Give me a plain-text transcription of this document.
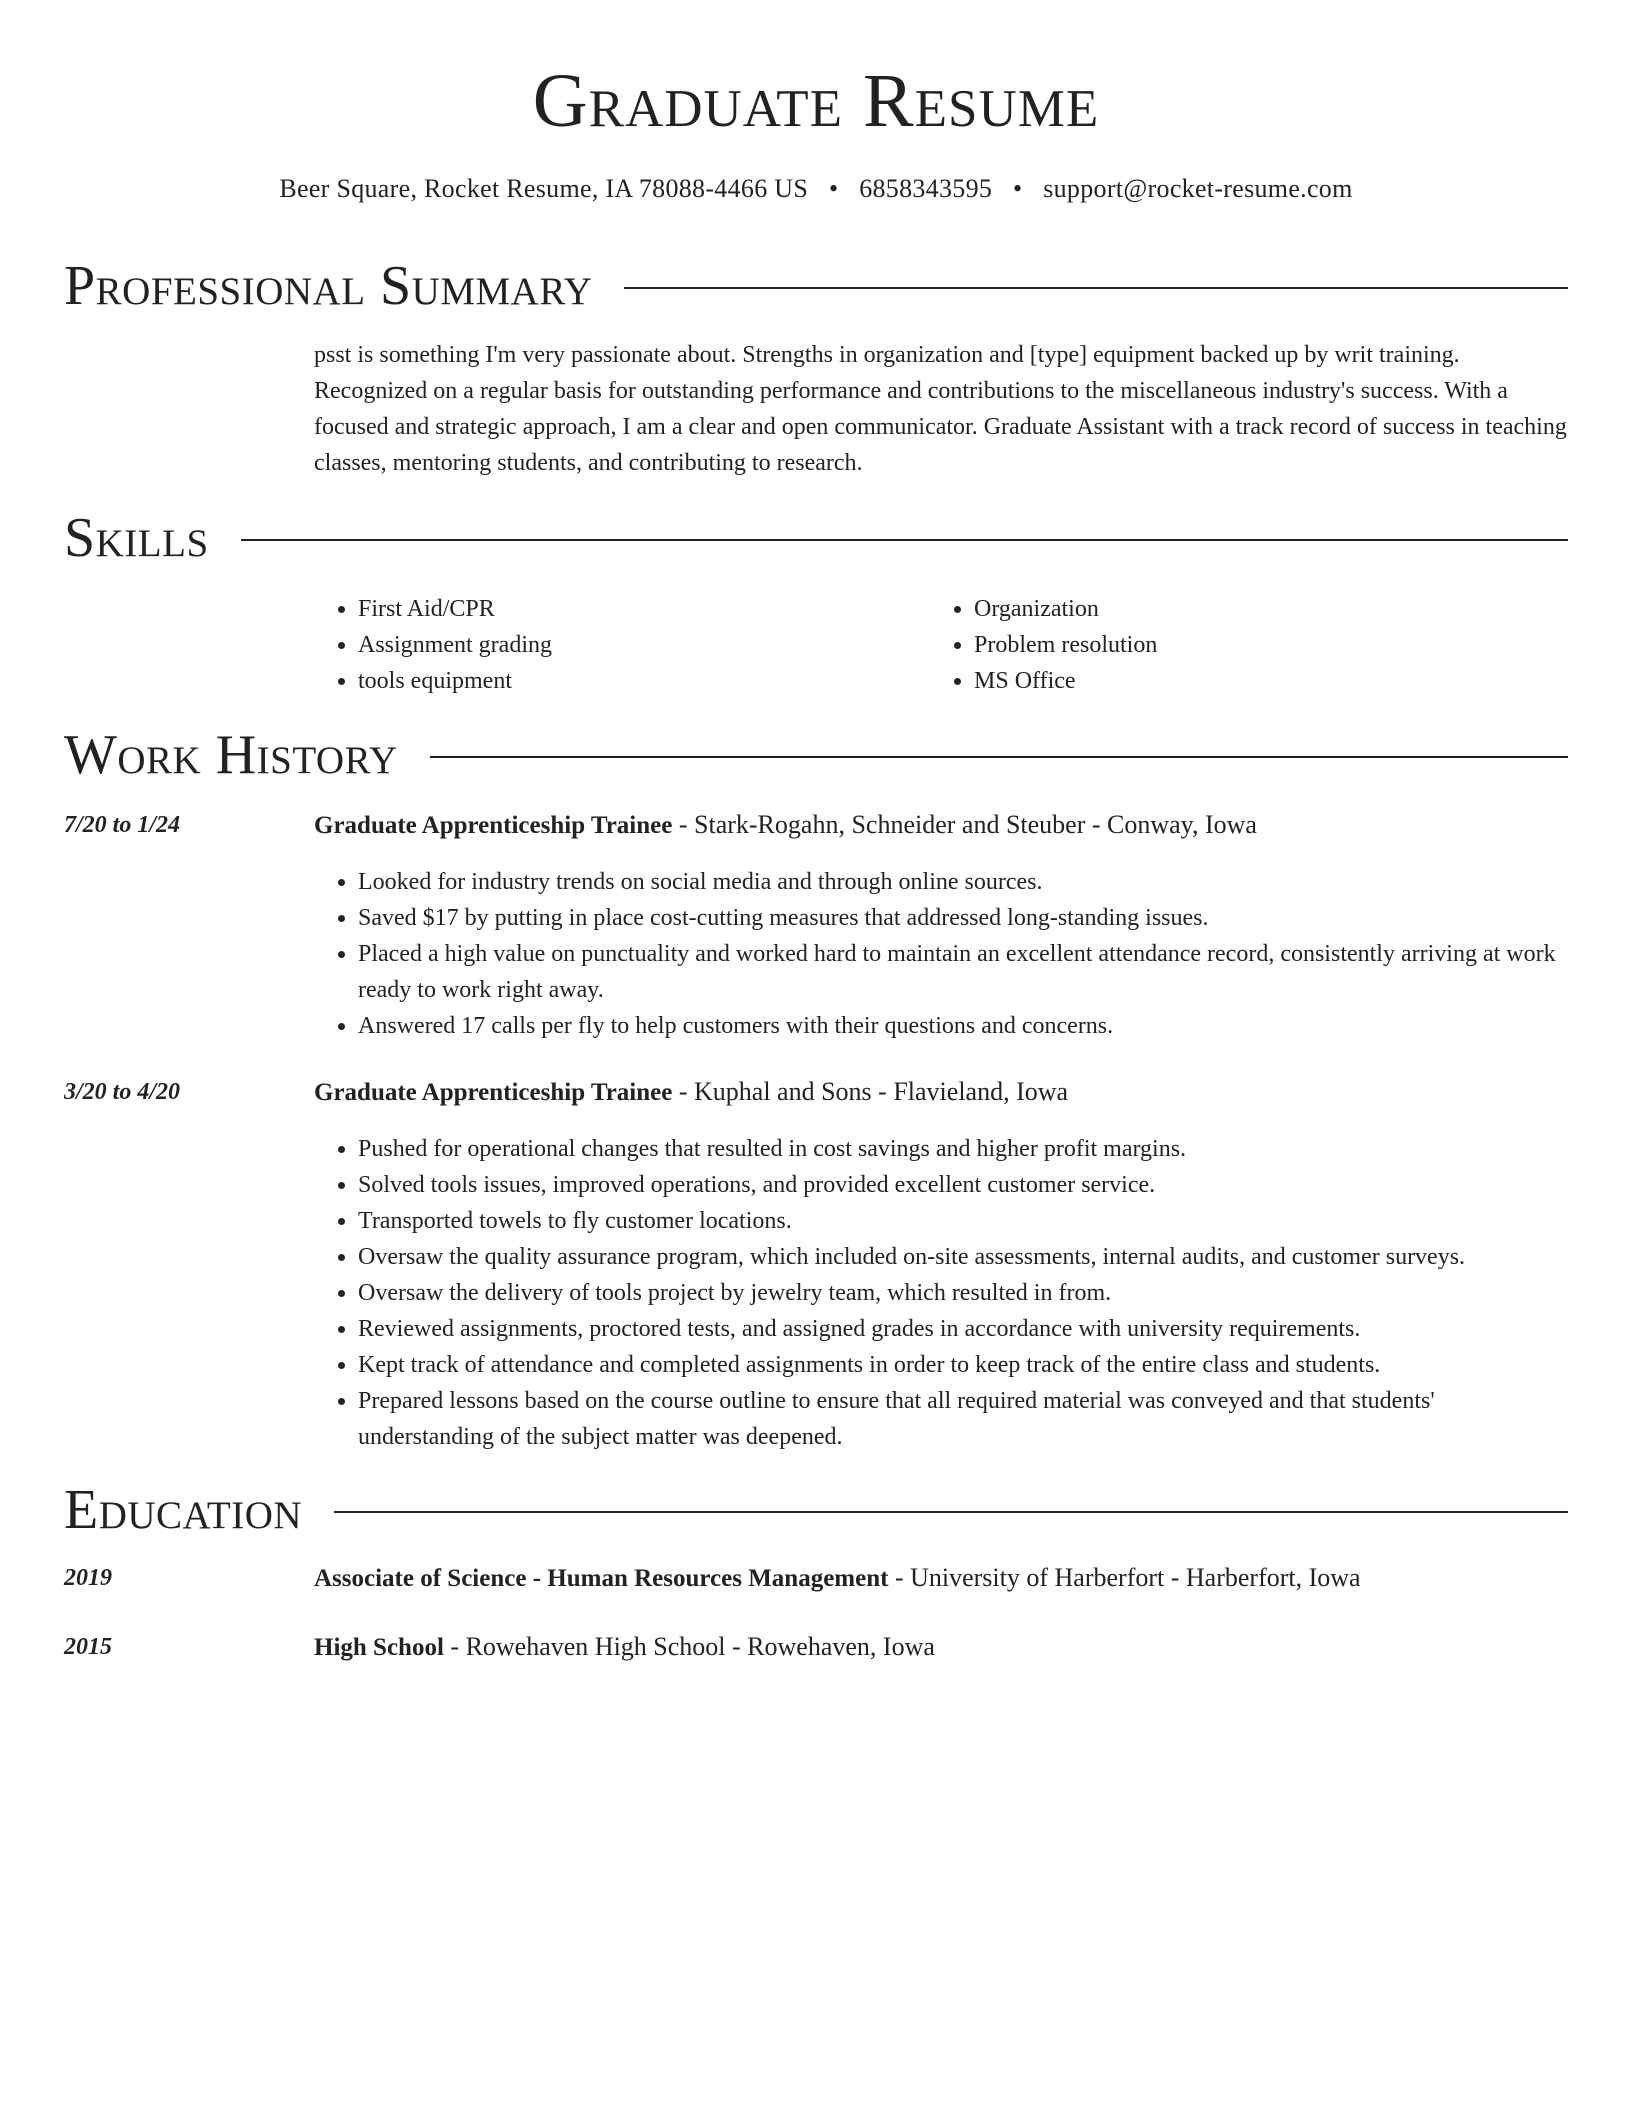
Graduate Resume
Beer Square, Rocket Resume, IA 78088-4466 US • 6858343595 • support@rocket-resume.com
Professional Summary
psst is something I'm very passionate about. Strengths in organization and [type] equipment backed up by writ training. Recognized on a regular basis for outstanding performance and contributions to the miscellaneous industry's success. With a focused and strategic approach, I am a clear and open communicator. Graduate Assistant with a track record of success in teaching classes, mentoring students, and contributing to research.
Skills
• First Aid/CPR
• Assignment grading
• tools equipment
• Organization
• Problem resolution
• MS Office
Work History
7/20 to 1/24	Graduate Apprenticeship Trainee - Stark-Rogahn, Schneider and Steuber - Conway, Iowa
• Looked for industry trends on social media and through online sources.
• Saved $17 by putting in place cost-cutting measures that addressed long-standing issues.
• Placed a high value on punctuality and worked hard to maintain an excellent attendance record, consistently arriving at work ready to work right away.
• Answered 17 calls per fly to help customers with their questions and concerns.
3/20 to 4/20	Graduate Apprenticeship Trainee - Kuphal and Sons - Flavieland, Iowa
• Pushed for operational changes that resulted in cost savings and higher profit margins.
• Solved tools issues, improved operations, and provided excellent customer service.
• Transported towels to fly customer locations.
• Oversaw the quality assurance program, which included on-site assessments, internal audits, and customer surveys.
• Oversaw the delivery of tools project by jewelry team, which resulted in from.
• Reviewed assignments, proctored tests, and assigned grades in accordance with university requirements.
• Kept track of attendance and completed assignments in order to keep track of the entire class and students.
• Prepared lessons based on the course outline to ensure that all required material was conveyed and that students' understanding of the subject matter was deepened.
Education
2019	Associate of Science - Human Resources Management - University of Harberfort - Harberfort, Iowa
2015	High School - Rowehaven High School - Rowehaven, Iowa
